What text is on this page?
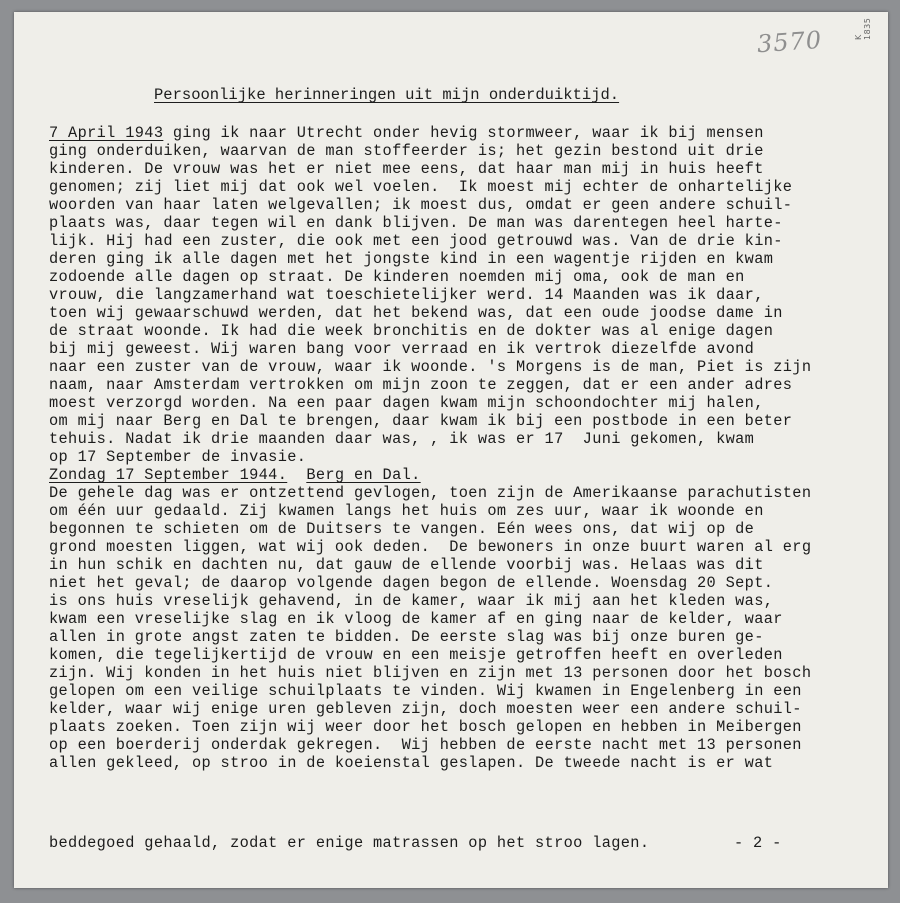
K 1835
3570
Persoonlijke herinneringen uit mijn onderduiktijd.
7 April 1943 ging ik naar Utrecht onder hevig stormweer, waar ik bij mensen
ging onderduiken, waarvan de man stoffeerder is; het gezin bestond uit drie
kinderen. De vrouw was het er niet mee eens, dat haar man mij in huis heeft
genomen; zij liet mij dat ook wel voelen.  Ik moest mij echter de onhartelijke
woorden van haar laten welgevallen; ik moest dus, omdat er geen andere schuil-
plaats was, daar tegen wil en dank blijven. De man was darentegen heel harte-
lijk. Hij had een zuster, die ook met een jood getrouwd was. Van de drie kin-
deren ging ik alle dagen met het jongste kind in een wagentje rijden en kwam
zodoende alle dagen op straat. De kinderen noemden mij oma, ook de man en
vrouw, die langzamerhand wat toeschietelijker werd. 14 Maanden was ik daar,
toen wij gewaarschuwd werden, dat het bekend was, dat een oude joodse dame in
de straat woonde. Ik had die week bronchitis en de dokter was al enige dagen
bij mij geweest. Wij waren bang voor verraad en ik vertrok diezelfde avond
naar een zuster van de vrouw, waar ik woonde. 's Morgens is de man, Piet is zijn
naam, naar Amsterdam vertrokken om mijn zoon te zeggen, dat er een ander adres
moest verzorgd worden. Na een paar dagen kwam mijn schoondochter mij halen,
om mij naar Berg en Dal te brengen, daar kwam ik bij een postbode in een beter
tehuis. Nadat ik drie maanden daar was, , ik was er 17  Juni gekomen, kwam
op 17 September de invasie.
Zondag 17 September 1944. Berg en Dal.
De gehele dag was er ontzettend gevlogen, toen zijn de Amerikaanse parachutisten
om één uur gedaald. Zij kwamen langs het huis om zes uur, waar ik woonde en
begonnen te schieten om de Duitsers te vangen. Eén wees ons, dat wij op de
grond moesten liggen, wat wij ook deden.  De bewoners in onze buurt waren al erg
in hun schik en dachten nu, dat gauw de ellende voorbij was. Helaas was dit
niet het geval; de daarop volgende dagen begon de ellende. Woensdag 20 Sept.
is ons huis vreselijk gehavend, in de kamer, waar ik mij aan het kleden was,
kwam een vreselijke slag en ik vloog de kamer af en ging naar de kelder, waar
allen in grote angst zaten te bidden. De eerste slag was bij onze buren ge-
komen, die tegelijkertijd de vrouw en een meisje getroffen heeft en overleden
zijn. Wij konden in het huis niet blijven en zijn met 13 personen door het bosch
gelopen om een veilige schuilplaats te vinden. Wij kwamen in Engelenberg in een
kelder, waar wij enige uren gebleven zijn, doch moesten weer een andere schuil-
plaats zoeken. Toen zijn wij weer door het bosch gelopen en hebben in Meibergen
op een boerderij onderdak gekregen.  Wij hebben de eerste nacht met 13 personen
allen gekleed, op stroo in de koeienstal geslapen. De tweede nacht is er wat
beddegoed gehaald, zodat er enige matrassen op het stroo lagen.	- 2 -
